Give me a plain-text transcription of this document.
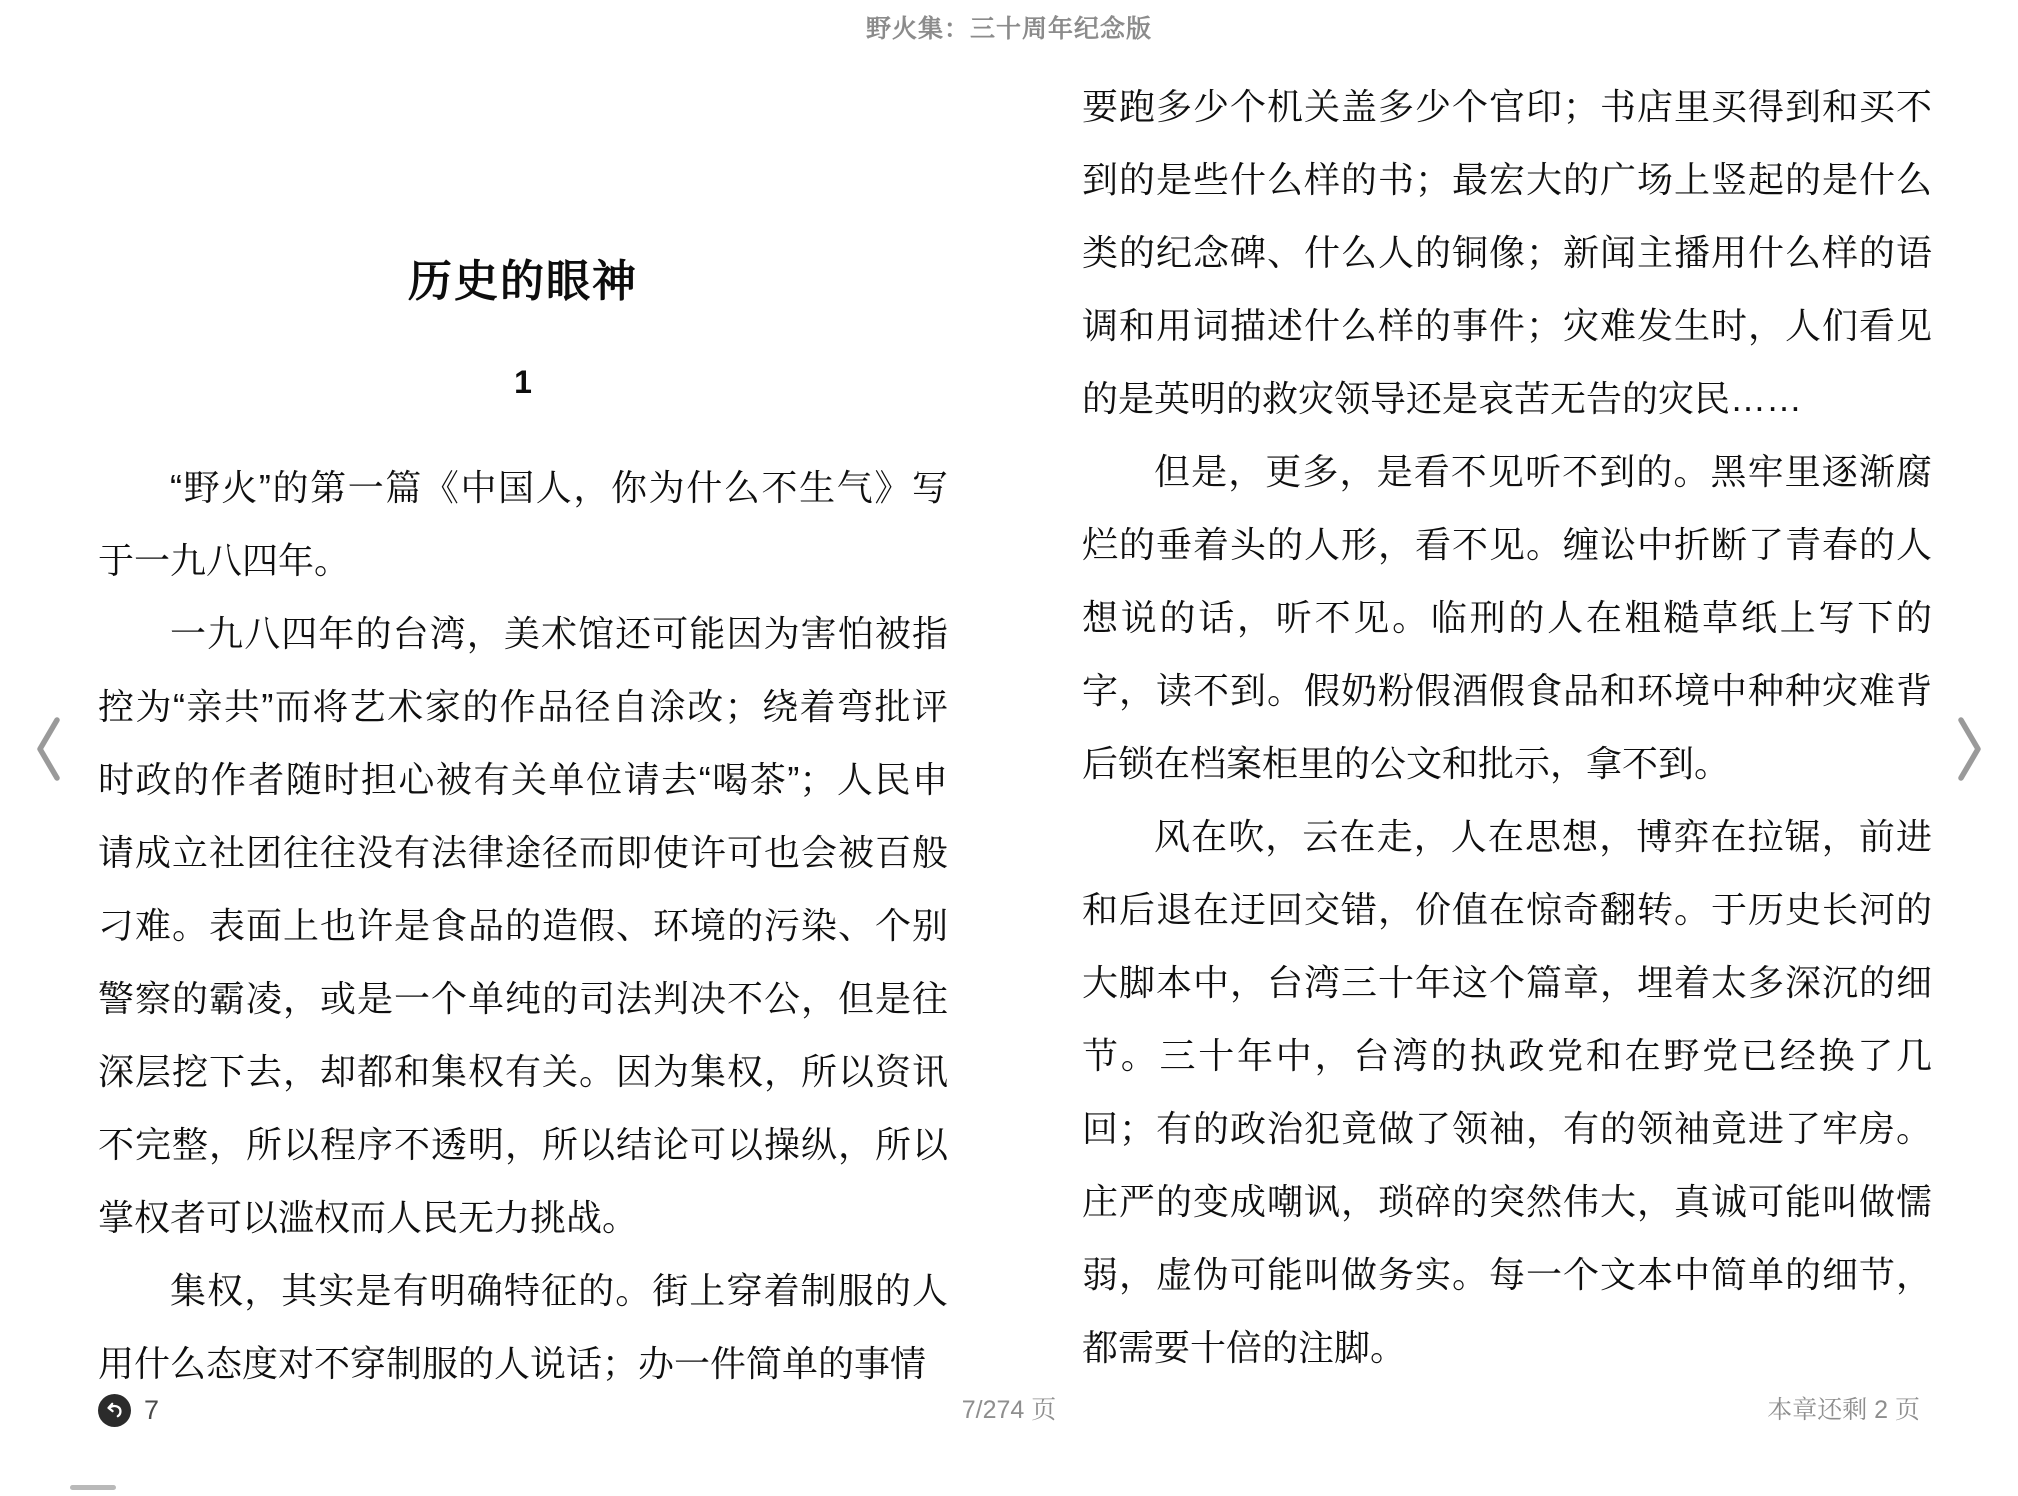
野火集：三十周年纪念版
历史的眼神
1

“野火”的第一篇《中国人，你为什么不生气》写于一九八四年。

一九八四年的台湾，美术馆还可能因为害怕被指控为“亲共”而将艺术家的作品径自涂改；绕着弯批评时政的作者随时担心被有关单位请去“喝茶”；人民申请成立社团往往没有法律途径而即使许可也会被百般刁难。表面上也许是食品的造假、环境的污染、个别警察的霸凌，或是一个单纯的司法判决不公，但是往深层挖下去，却都和集权有关。因为集权，所以资讯不完整，所以程序不透明，所以结论可以操纵，所以掌权者可以滥权而人民无力挑战。

集权，其实是有明确特征的。街上穿着制服的人用什么态度对不穿制服的人说话；办一件简单的事情

要跑多少个机关盖多少个官印；书店里买得到和买不到的是些什么样的书；最宏大的广场上竖起的是什么类的纪念碑、什么人的铜像；新闻主播用什么样的语调和用词描述什么样的事件；灾难发生时，人们看见的是英明的救灾领导还是哀苦无告的灾民……

但是，更多，是看不见听不到的。黑牢里逐渐腐烂的垂着头的人形，看不见。缠讼中折断了青春的人想说的话，听不见。临刑的人在粗糙草纸上写下的字，读不到。假奶粉假酒假食品和环境中种种灾难背后锁在档案柜里的公文和批示，拿不到。

风在吹，云在走，人在思想，博弈在拉锯，前进和后退在迂回交错，价值在惊奇翻转。于历史长河的大脚本中，台湾三十年这个篇章，埋着太多深沉的细节。三十年中，台湾的执政党和在野党已经换了几回；有的政治犯竟做了领袖，有的领袖竟进了牢房。庄严的变成嘲讽，琐碎的突然伟大，真诚可能叫做懦弱，虚伪可能叫做务实。每一个文本中简单的细节，都需要十倍的注脚。

7	7/274 页	本章还剩 2 页
